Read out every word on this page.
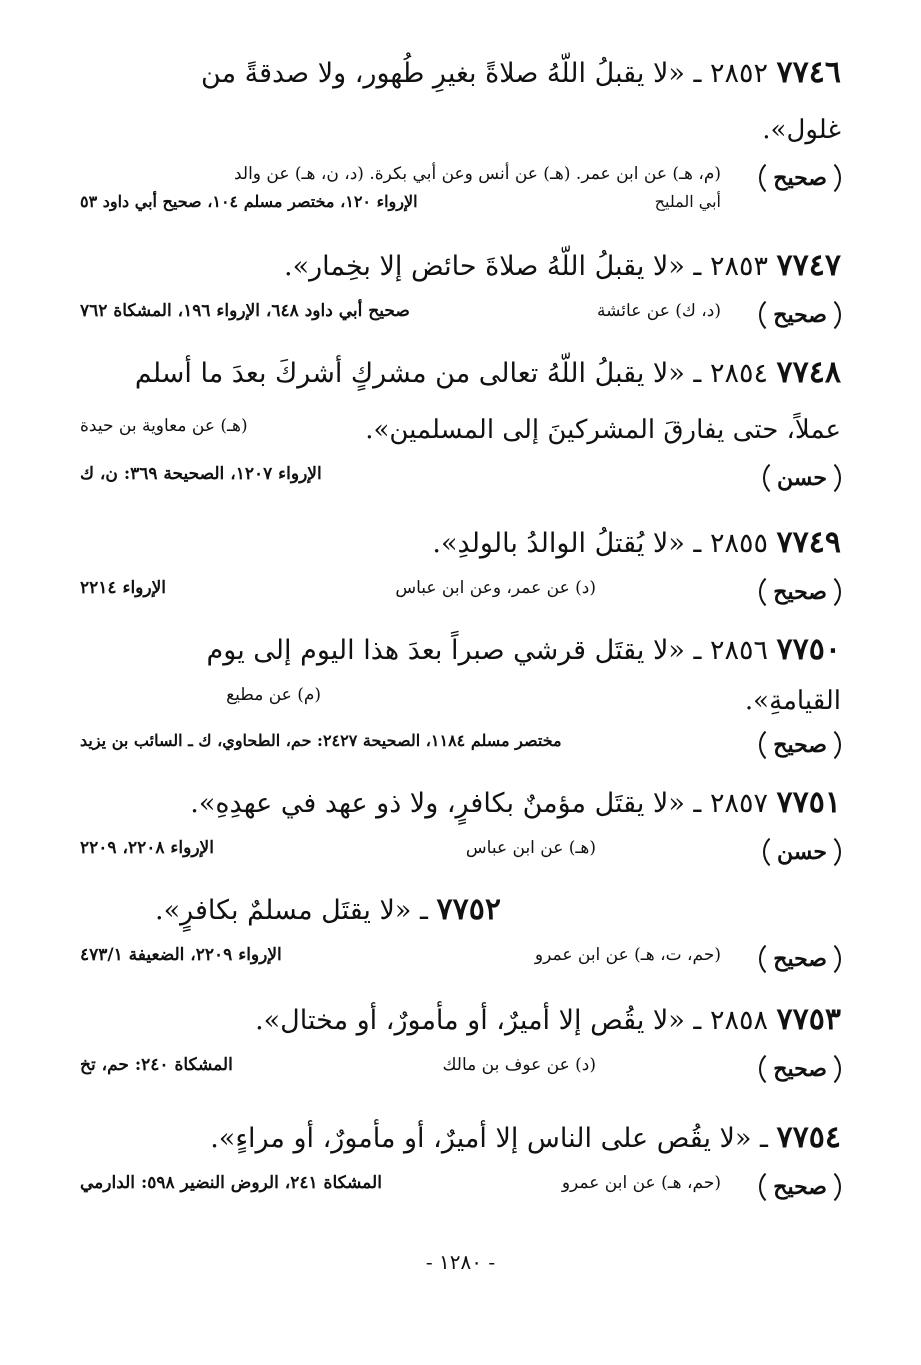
٧٧٤٦ ٢٨٥٢ ـ «لا يقبلُ اللّهُ صلاةً بغيرِ طُهور، ولا صدقةً من
غلول».
صحيح
(م، هـ) عن ابن عمر. (هـ) عن أنس وعن أبي بكرة. (د، ن، هـ) عن والد
أبي المليح
الإرواء ١٢٠، مختصر مسلم ١٠٤، صحيح أبي داود ٥٣
٧٧٤٧ ٢٨٥٣ ـ «لا يقبلُ اللّهُ صلاةَ حائض إلا بخِمار».
صحيح
(د، ك) عن عائشة
صحيح أبي داود ٦٤٨، الإرواء ١٩٦، المشكاة ٧٦٢
٧٧٤٨ ٢٨٥٤ ـ «لا يقبلُ اللّهُ تعالى من مشركٍ أشركَ بعدَ ما أسلم
عملاً، حتى يفارقَ المشركينَ إلى المسلمين».
(هـ) عن معاوية بن حيدة
حسن
الإرواء ١٢٠٧، الصحيحة ٣٦٩: ن، ك
٧٧٤٩ ٢٨٥٥ ـ «لا يُقتلُ الوالدُ بالولدِ».
صحيح
(د) عن عمر، وعن ابن عباس
الإرواء ٢٢١٤
٧٧٥٠ ٢٨٥٦ ـ «لا يقتَل قرشي صبراً بعدَ هذا اليوم إلى يوم
القيامةِ».
(م) عن مطيع
صحيح
مختصر مسلم ١١٨٤، الصحيحة ٢٤٢٧: حم، الطحاوي، ك ـ السائب بن يزيد
٧٧٥١ ٢٨٥٧ ـ «لا يقتَل مؤمنٌ بكافرٍ، ولا ذو عهد في عهدِهِ».
حسن
(هـ) عن ابن عباس
الإرواء ٢٢٠٨، ٢٢٠٩
٧٧٥٢ ـ «لا يقتَل مسلمٌ بكافرٍ».
صحيح
(حم، ت، هـ) عن ابن عمرو
الإرواء ٢٢٠٩، الضعيفة ٤٧٣/١
٧٧٥٣ ٢٨٥٨ ـ «لا يقُص إلا أميرٌ، أو مأمورٌ، أو مختال».
صحيح
(د) عن عوف بن مالك
المشكاة ٢٤٠: حم، تخ
٧٧٥٤ ـ «لا يقُص على الناس إلا أميرٌ، أو مأمورٌ، أو مراءٍ».
صحيح
(حم، هـ) عن ابن عمرو
المشكاة ٢٤١، الروض النضير ٥٩٨: الدارمي
- ١٢٨٠ -
